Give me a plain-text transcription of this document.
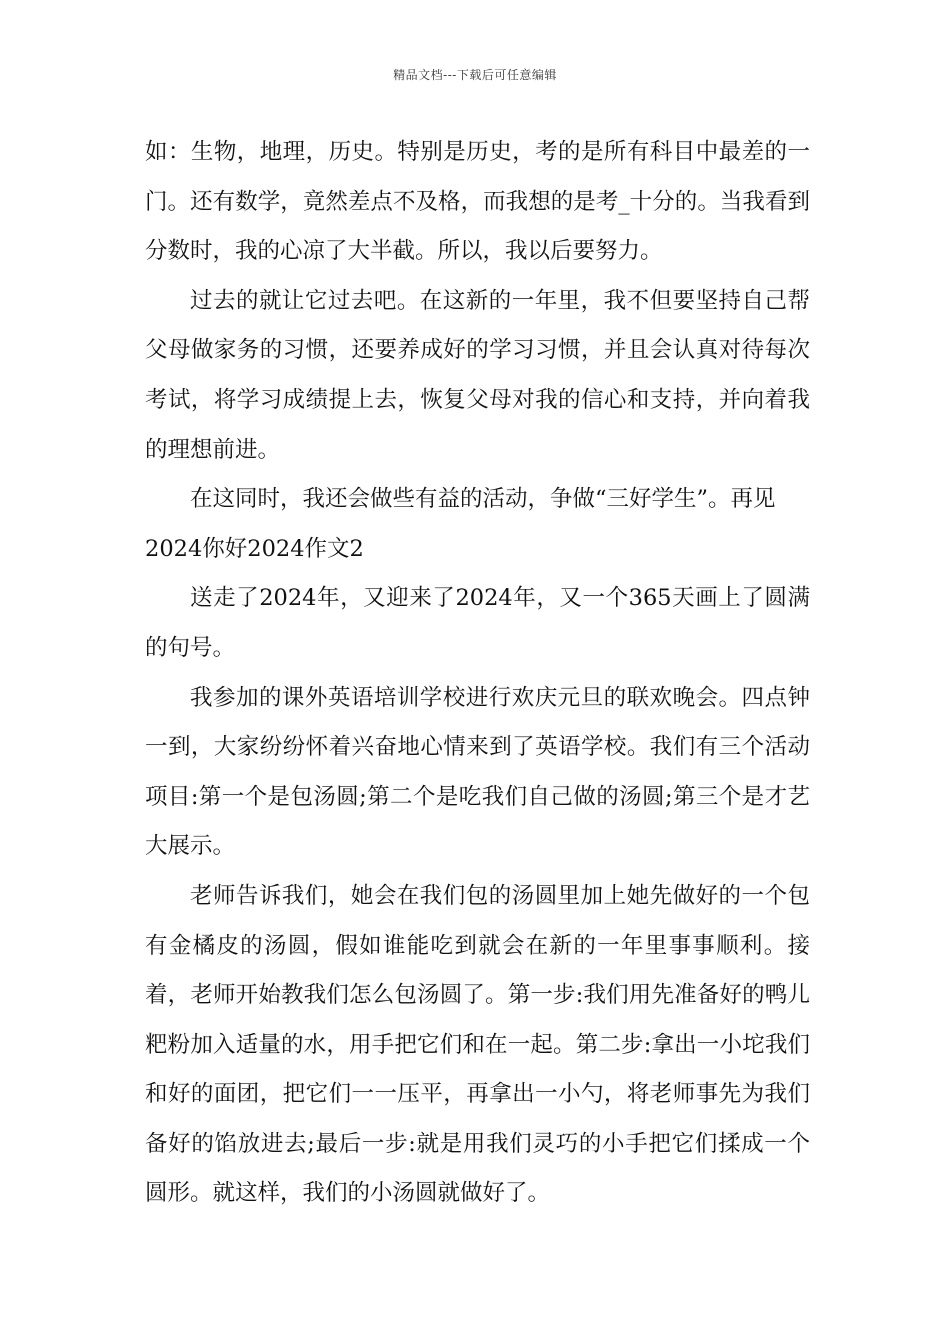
精品文档---下载后可任意编辑

如：生物，地理，历史。特别是历史，考的是所有科目中最差的一门。还有数学，竟然差点不及格，而我想的是考_十分的。当我看到分数时，我的心凉了大半截。所以，我以后要努力。

过去的就让它过去吧。在这新的一年里，我不但要坚持自己帮父母做家务的习惯，还要养成好的学习习惯，并且会认真对待每次考试，将学习成绩提上去，恢复父母对我的信心和支持，并向着我的理想前进。

在这同时，我还会做些有益的活动，争做“三好学生”。再见

2024你好2024作文2

送走了2024年，又迎来了2024年，又一个365天画上了圆满的句号。

我参加的课外英语培训学校进行欢庆元旦的联欢晚会。四点钟一到，大家纷纷怀着兴奋地心情来到了英语学校。我们有三个活动项目:第一个是包汤圆;第二个是吃我们自己做的汤圆;第三个是才艺大展示。

老师告诉我们，她会在我们包的汤圆里加上她先做好的一个包有金橘皮的汤圆，假如谁能吃到就会在新的一年里事事顺利。接着，老师开始教我们怎么包汤圆了。第一步:我们用先准备好的鸭儿粑粉加入适量的水，用手把它们和在一起。第二步:拿出一小坨我们和好的面团，把它们一一压平，再拿出一小勺，将老师事先为我们备好的馅放进去;最后一步:就是用我们灵巧的小手把它们揉成一个圆形。就这样，我们的小汤圆就做好了。
